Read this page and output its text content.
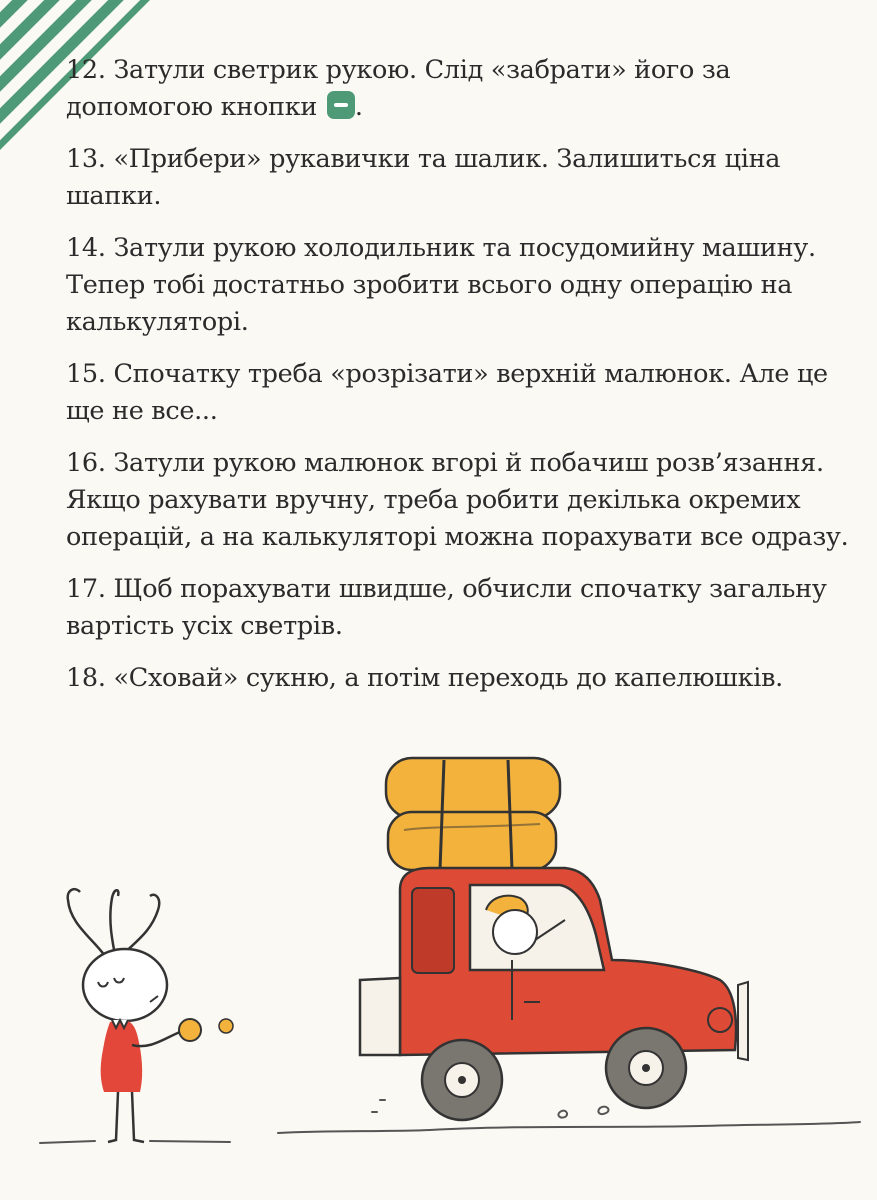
12. Затули светрик рукою. Слід «забрати» його за допомогою кнопки .

13. «Прибери» рукавички та шалик. Залишиться ціна шапки.

14. Затули рукою холодильник та посудомийну машину. Тепер тобі достатньо зробити всього одну операцію на калькуляторі.

15. Спочатку треба «розрізати» верхній малюнок. Але це ще не все...

16. Затули рукою малюнок вгорі й побачиш розв’язання. Якщо рахувати вручну, треба робити декілька окремих операцій, а на калькуляторі можна порахувати все одразу.

17. Щоб порахувати швидше, обчисли спочатку загальну вартість усіх светрів.

18. «Сховай» сукню, а потім переходь до капелюшків.
